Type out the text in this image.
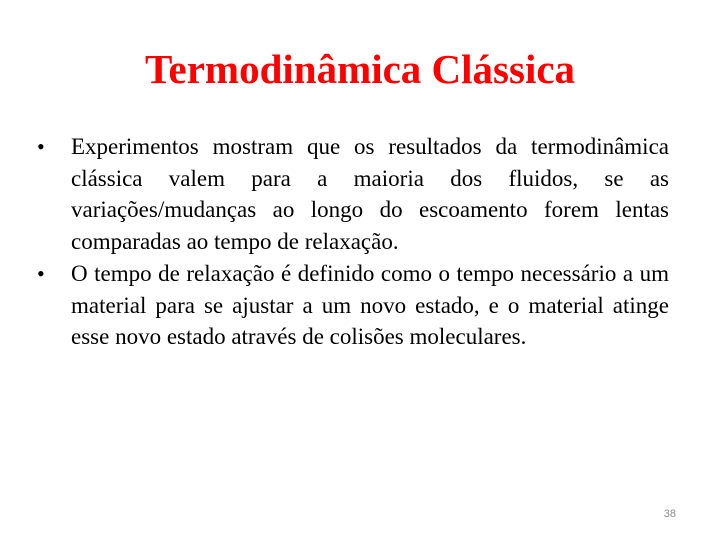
Termodinâmica Clássica
• Experimentos mostram que os resultados da termodinâmica clássica valem para a maioria dos fluidos, se as variações/mudanças ao longo do escoamento forem lentas comparadas ao tempo de relaxação.
• O tempo de relaxação é definido como o tempo necessário a um material para se ajustar a um novo estado, e o material atinge esse novo estado através de colisões moleculares.
38
